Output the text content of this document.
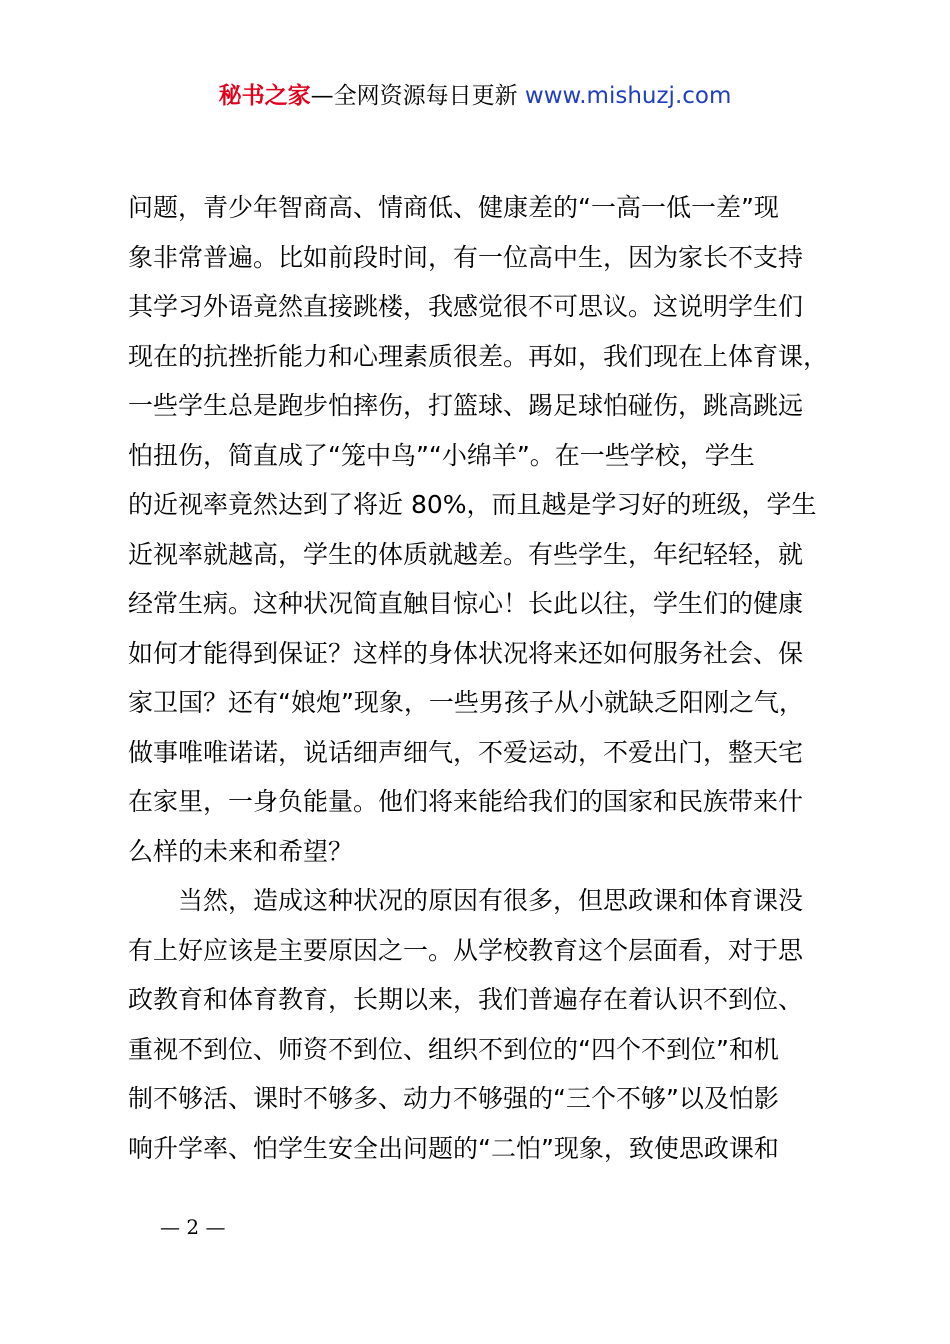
秘书之家—全网资源每日更新 www.mishuzj.com
问题，青少年智商高、情商低、健康差的“一高一低一差”现
象非常普遍。比如前段时间，有一位高中生，因为家长不支持
其学习外语竟然直接跳楼，我感觉很不可思议。这说明学生们
现在的抗挫折能力和心理素质很差。再如，我们现在上体育课，
一些学生总是跑步怕摔伤，打篮球、踢足球怕碰伤，跳高跳远
怕扭伤，简直成了“笼中鸟”“小绵羊”。在一些学校，学生
的近视率竟然达到了将近 80%，而且越是学习好的班级，学生
近视率就越高，学生的体质就越差。有些学生，年纪轻轻，就
经常生病。这种状况简直触目惊心！长此以往，学生们的健康
如何才能得到保证？这样的身体状况将来还如何服务社会、保
家卫国？还有“娘炮”现象，一些男孩子从小就缺乏阳刚之气，
做事唯唯诺诺，说话细声细气，不爱运动，不爱出门，整天宅
在家里，一身负能量。他们将来能给我们的国家和民族带来什
么样的未来和希望？
当然，造成这种状况的原因有很多，但思政课和体育课没
有上好应该是主要原因之一。从学校教育这个层面看，对于思
政教育和体育教育，长期以来，我们普遍存在着认识不到位、
重视不到位、师资不到位、组织不到位的“四个不到位”和机
制不够活、课时不够多、动力不够强的“三个不够”以及怕影
响升学率、怕学生安全出问题的“二怕”现象，致使思政课和
— 2 —
